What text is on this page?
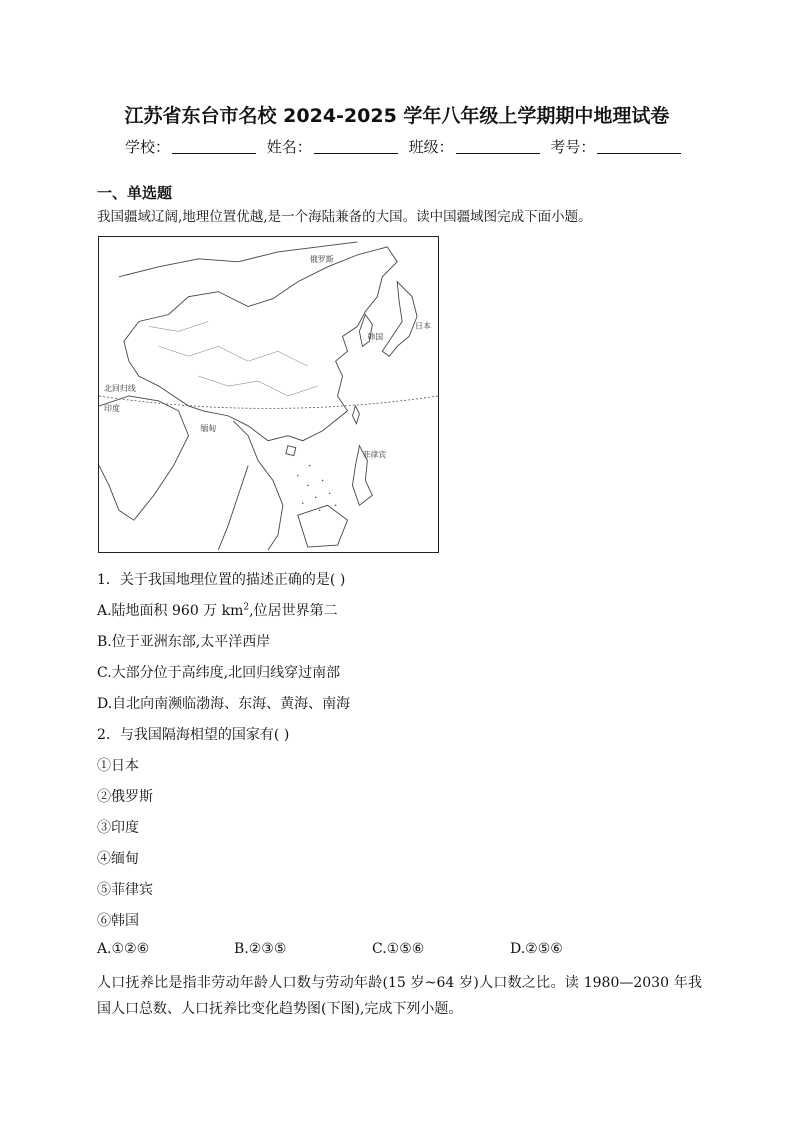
江苏省东台市名校 2024-2025 学年八年级上学期期中地理试卷
学校：	姓名：	班级：	考号：
一、单选题
我国疆域辽阔,地理位置优越,是一个海陆兼备的大国。读中国疆域图完成下面小题。
俄罗斯
日本
韩国
北回归线
印度
缅甸
菲律宾
1．关于我国地理位置的描述正确的是( )
A.陆地面积 960 万 $km^2$,位居世界第二
B.位于亚洲东部,太平洋西岸
C.大部分位于高纬度,北回归线穿过南部
D.自北向南濒临渤海、东海、黄海、南海
2．与我国隔海相望的国家有( )
①日本
②俄罗斯
③印度
④缅甸
⑤菲律宾
⑥韩国
A.①②⑥	B.②③⑤	C.①⑤⑥	D.②⑤⑥
人口抚养比是指非劳动年龄人口数与劳动年龄(15 岁~64 岁)人口数之比。读 1980—2030 年我国人口总数、人口抚养比变化趋势图(下图),完成下列小题。
